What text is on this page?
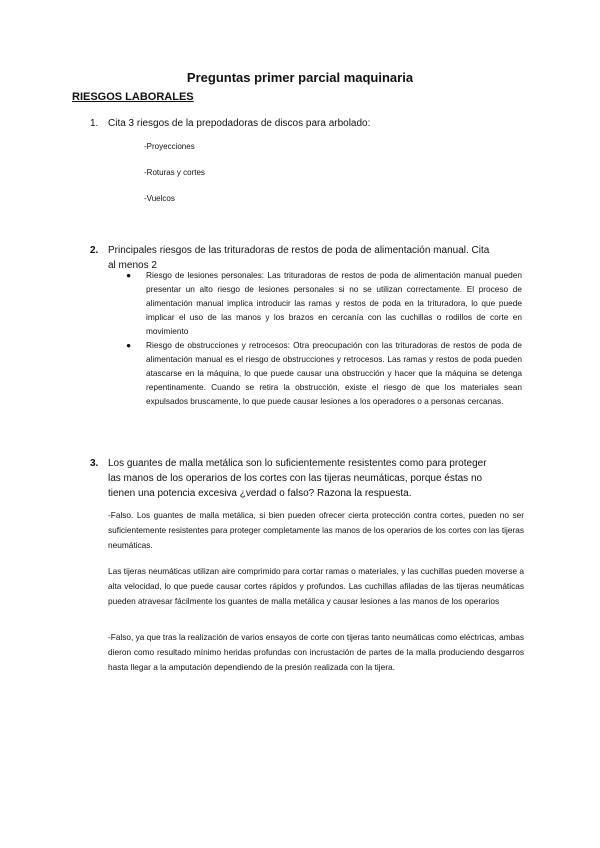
Preguntas primer parcial maquinaria
RIESGOS LABORALES
1. Cita 3 riesgos de la prepodadoras de discos para arbolado:
-Proyecciones
-Roturas y cortes
-Vuelcos
2. Principales riesgos de las trituradoras de restos de poda de alimentación manual. Cita
al menos 2
● Riesgo de lesiones personales: Las trituradoras de restos de poda de alimentación manual pueden presentar un alto riesgo de lesiones personales si no se utilizan correctamente. El proceso de alimentación manual implica introducir las ramas y restos de poda en la trituradora, lo que puede implicar el uso de las manos y los brazos en cercanía con las cuchillas o rodillos de corte en movimiento
● Riesgo de obstrucciones y retrocesos: Otra preocupación con las trituradoras de restos de poda de alimentación manual es el riesgo de obstrucciones y retrocesos. Las ramas y restos de poda pueden atascarse en la máquina, lo que puede causar una obstrucción y hacer que la máquina se detenga repentinamente. Cuando se retira la obstrucción, existe el riesgo de que los materiales sean expulsados bruscamente, lo que puede causar lesiones a los operadores o a personas cercanas.
3. Los guantes de malla metálica son lo suficientemente resistentes como para proteger
las manos de los operarios de los cortes con las tijeras neumáticas, porque éstas no
tienen una potencia excesiva ¿verdad o falso? Razona la respuesta.
-Falso. Los guantes de malla metálica, si bien pueden ofrecer cierta protección contra cortes, pueden no ser suficientemente resistentes para proteger completamente las manos de los operarios de los cortes con las tijeras neumáticas.
Las tijeras neumáticas utilizan aire comprimido para cortar ramas o materiales, y las cuchillas pueden moverse a alta velocidad, lo que puede causar cortes rápidos y profundos. Las cuchillas afiladas de las tijeras neumáticas pueden atravesar fácilmente los guantes de malla metálica y causar lesiones a las manos de los operarios
-Falso, ya que tras la realización de varios ensayos de corte con tijeras tanto neumáticas como eléctricas, ambas dieron como resultado mínimo heridas profundas con incrustación de partes de la malla produciendo desgarros hasta llegar a la amputación dependiendo de la presión realizada con la tijera.
